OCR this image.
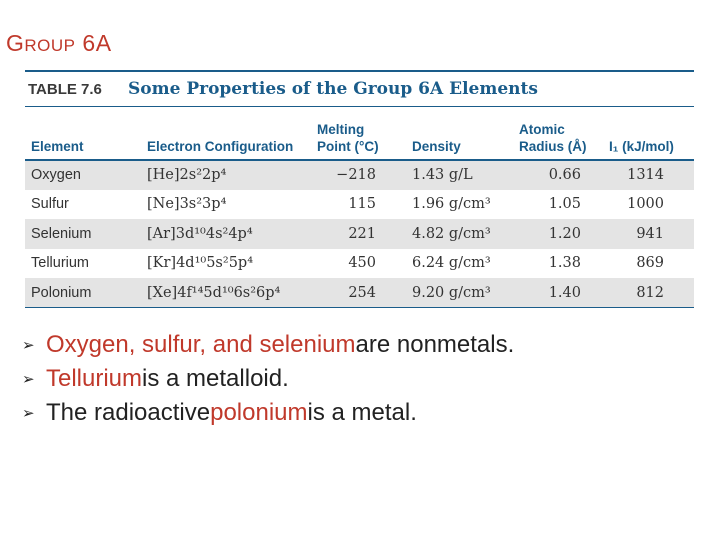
GROUP 6A
TABLE 7.6	Some Properties of the Group 6A Elements
Element	Electron Configuration	Melting Point (°C)	Density	Atomic Radius (Å)	I₁ (kJ/mol)
Oxygen	[He]2s²2p⁴	−218	1.43 g/L	0.66	1314
Sulfur	[Ne]3s²3p⁴	115	1.96 g/cm³	1.05	1000
Selenium	[Ar]3d¹⁰4s²4p⁴	221	4.82 g/cm³	1.20	941
Tellurium	[Kr]4d¹⁰5s²5p⁴	450	6.24 g/cm³	1.38	869
Polonium	[Xe]4f¹⁴5d¹⁰6s²6p⁴	254	9.20 g/cm³	1.40	812
➢ Oxygen, sulfur, and selenium are nonmetals.
➢ Tellurium is a metalloid.
➢ The radioactive polonium is a metal.
